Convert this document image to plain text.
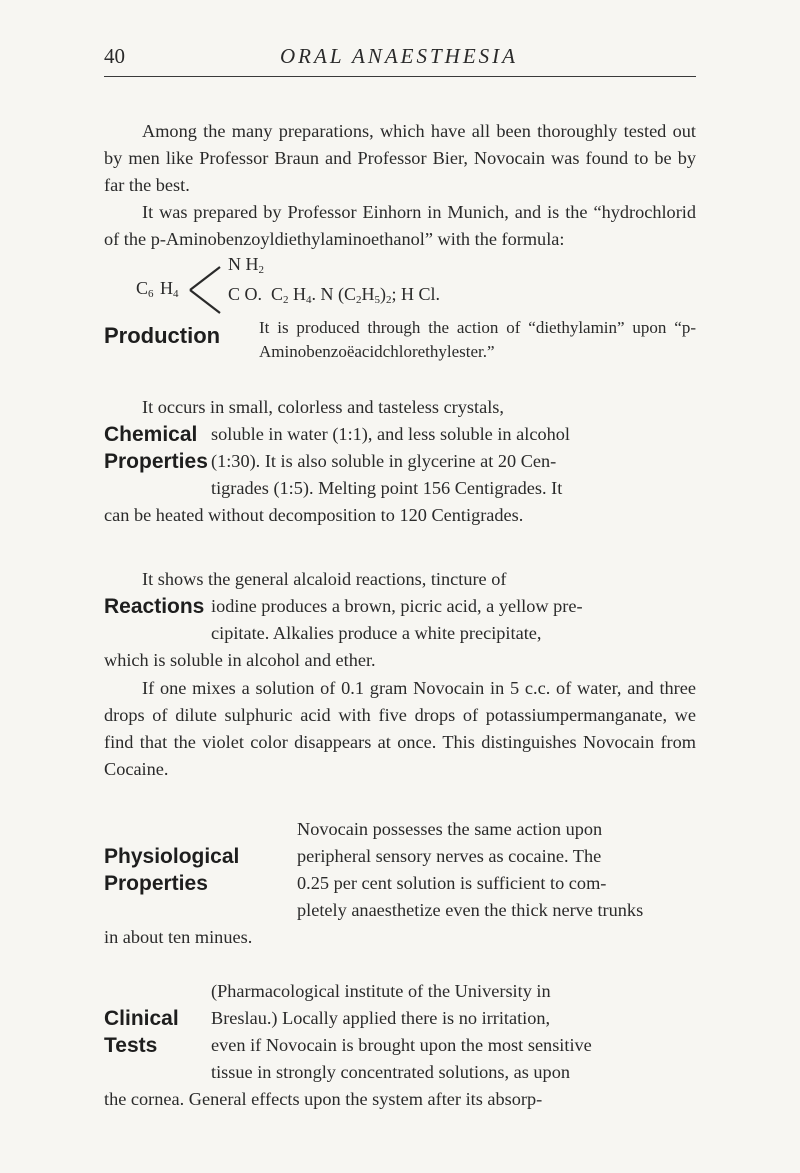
40	ORAL ANAESTHESIA

Among the many preparations, which have all been thoroughly tested out by men like Professor Braun and Professor Bier, Novocain was found to be by far the best.

It was prepared by Professor Einhorn in Munich, and is the “hydrochlorid of the p-Aminobenzoyldiethylaminoethanol” with the formula:

$C_6$ $H_4$
N $H_2$
C O. $C_2$ $H_4$. N $(C_2H_5)_2$; H Cl.
Production It is produced through the action of “diethylamin” upon “p-Aminobenzoëacidchlorethylester.”
Chemical
Properties
It occurs in small, colorless and tasteless crystals,
soluble in water (1:1), and less soluble in alcohol
(1:30). It is also soluble in glycerine at 20 Cen-
tigrades (1:5). Melting point 156 Centigrades. It
can be heated without decomposition to 120 Centigrades.
Reactions
It shows the general alcaloid reactions, tincture of
iodine produces a brown, picric acid, a yellow pre-
cipitate. Alkalies produce a white precipitate,
which is soluble in alcohol and ether.
If one mixes a solution of 0.1 gram Novocain in 5 c.c. of water, and three drops of dilute sulphuric acid with five drops of potassiumpermanganate, we find that the violet color disappears at once. This distinguishes Novocain from Cocaine.
Physiological
Properties
Novocain possesses the same action upon
peripheral sensory nerves as cocaine. The
0.25 per cent solution is sufficient to com-
pletely anaesthetize even the thick nerve trunks
in about ten minues.
Clinical
Tests
(Pharmacological institute of the University in
Breslau.) Locally applied there is no irritation,
even if Novocain is brought upon the most sensitive
tissue in strongly concentrated solutions, as upon
the cornea. General effects upon the system after its absorp-
